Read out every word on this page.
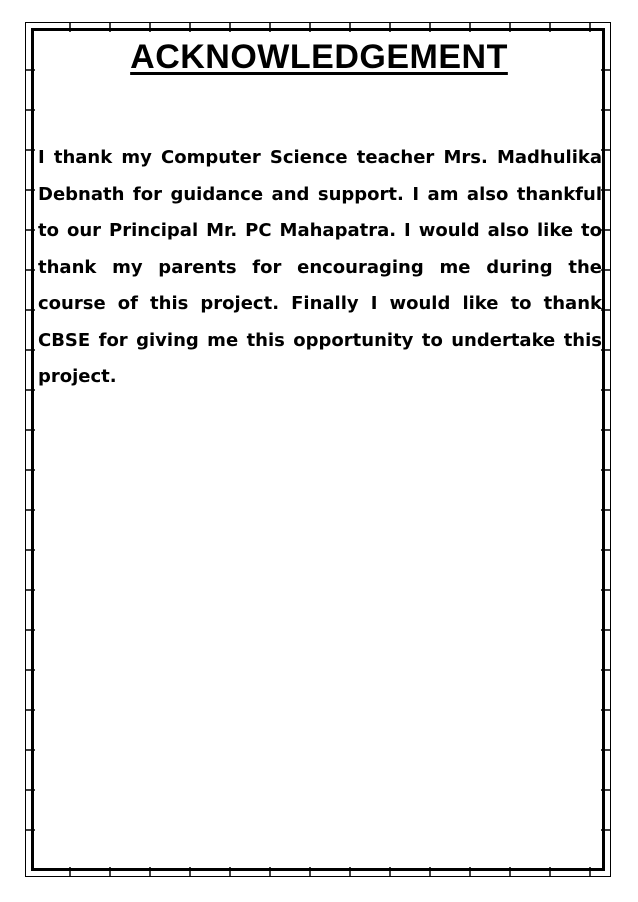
ACKNOWLEDGEMENT

I thank my Computer Science teacher Mrs. Madhulika Debnath for guidance and support. I am also thankful to our Principal Mr. PC Mahapatra. I would also like to thank my parents for encouraging me during the course of this project. Finally I would like to thank CBSE for giving me this opportunity to undertake this project.
